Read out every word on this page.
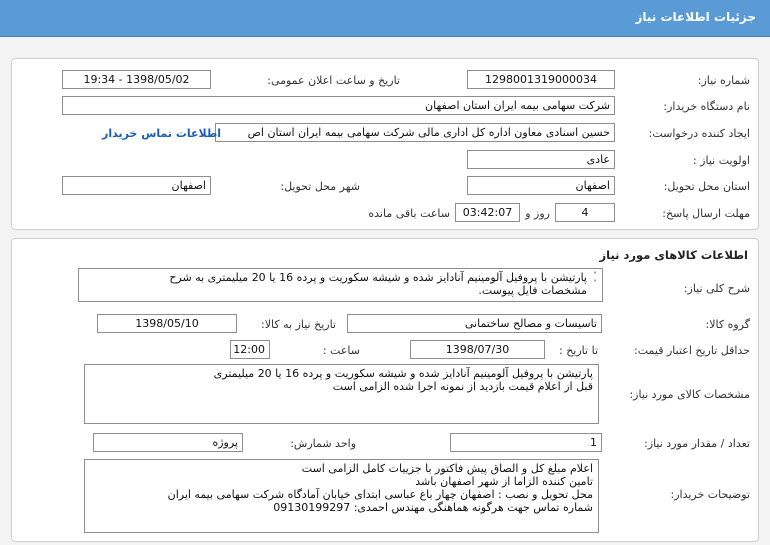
جزئیات اطلاعات نیاز
شماره نیاز:
1298001319000034
تاریخ و ساعت اعلان عمومی:
1398/05/02 - 19:34
نام دستگاه خریدار:
شرکت سهامی بیمه ایران استان اصفهان
ایجاد کننده درخواست:
حسین اسنادی معاون اداره کل اداری مالی شرکت سهامی بیمه ایران استان اص
اطلاعات تماس خریدار
اولویت نیاز :
عادی
استان محل تحویل:
اصفهان
شهر محل تحویل:
اصفهان
مهلت ارسال پاسخ:
4
روز و
03:42:07
ساعت باقی مانده
اطلاعات کالاهای مورد نیاز
شرح کلی نیاز:
پارتیشن با پروفیل آلومینیم آنادایز شده و شیشه سکوریت و پرده 16 یا 20 میلیمتری به شرح
مشخصات فایل پیوست.
˄
˅
گروه کالا:
تاسیسات و مصالح ساختمانی
تاریخ نیاز به کالا:
1398/05/10
حداقل تاریخ اعتبار قیمت:
تا تاریخ :
1398/07/30
ساعت :
12:00
مشخصات کالای مورد نیاز:
پارتیشن با پروفیل آلومینیم آنادایز شده و شیشه سکوریت و پرده 16 یا 20 میلیمتری
قبل از اعلام قیمت بازدید از نمونه اجرا شده الزامی است
تعداد / مقدار مورد نیاز:
1
واحد شمارش:
پروژه
توضیحات خریدار:
اعلام مبلغ کل و الصاق پیش فاکتور با جزییات کامل الزامی است
تامین کننده الزاما از شهر اصفهان باشد
محل تحویل و نصب : اصفهان چهار باغ عباسی ابتدای خیابان آمادگاه شرکت سهامی بیمه ایران
شماره تماس جهت هرگونه هماهنگی مهندس احمدی: 09130199297
